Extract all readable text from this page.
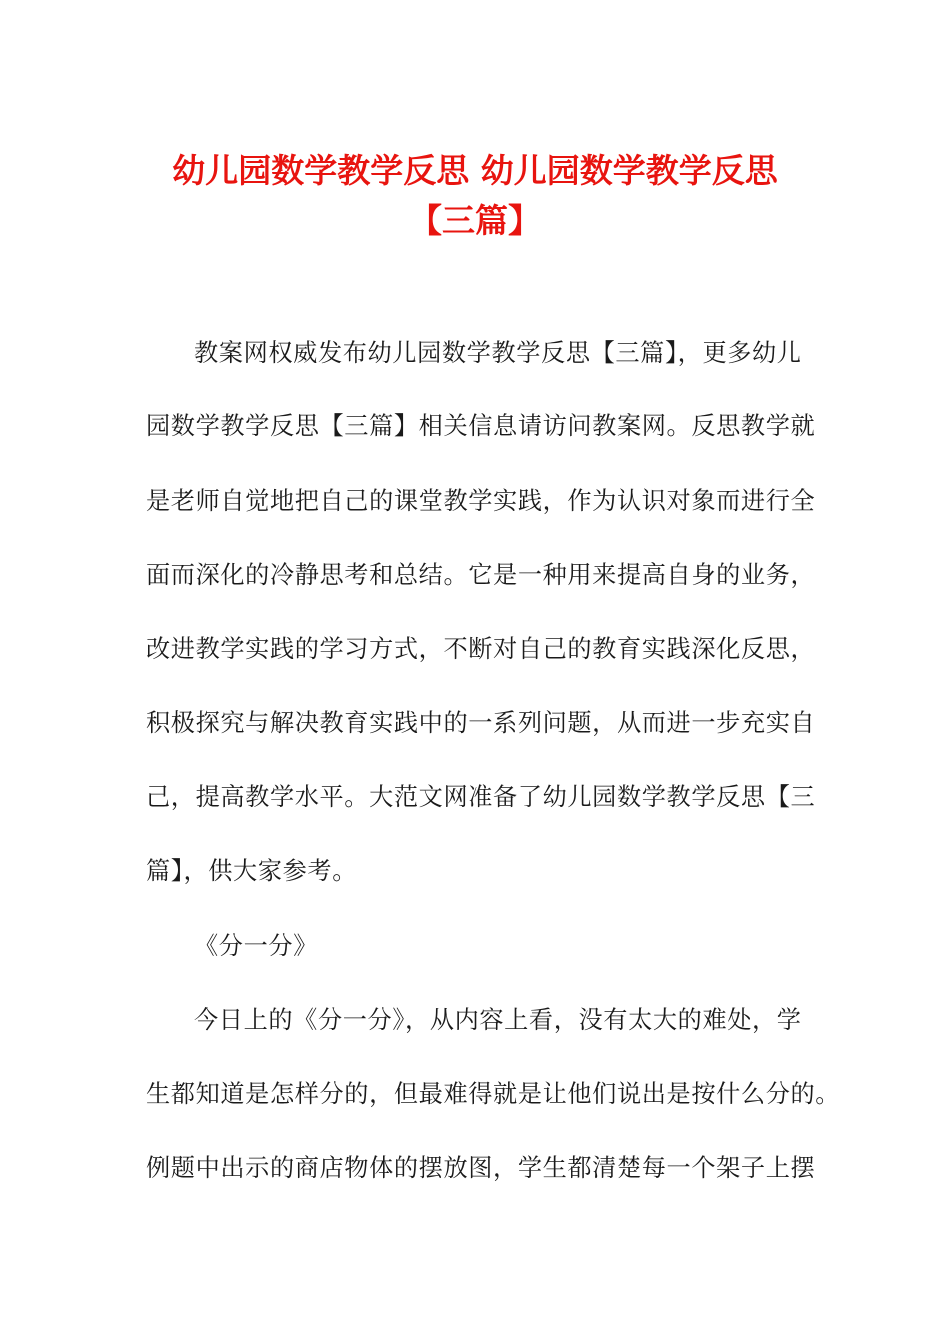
幼儿园数学教学反思 幼儿园数学教学反思
【三篇】
教案网权威发布幼儿园数学教学反思【三篇】，更多幼儿
园数学教学反思【三篇】相关信息请访问教案网。反思教学就
是老师自觉地把自己的课堂教学实践，作为认识对象而进行全
面而深化的冷静思考和总结。它是一种用来提高自身的业务，
改进教学实践的学习方式，不断对自己的教育实践深化反思，
积极探究与解决教育实践中的一系列问题，从而进一步充实自
己，提高教学水平。大范文网准备了幼儿园数学教学反思【三
篇】，供大家参考。
《分一分》
今日上的《分一分》，从内容上看，没有太大的难处，学
生都知道是怎样分的，但最难得就是让他们说出是按什么分的。
例题中出示的商店物体的摆放图，学生都清楚每一个架子上摆
